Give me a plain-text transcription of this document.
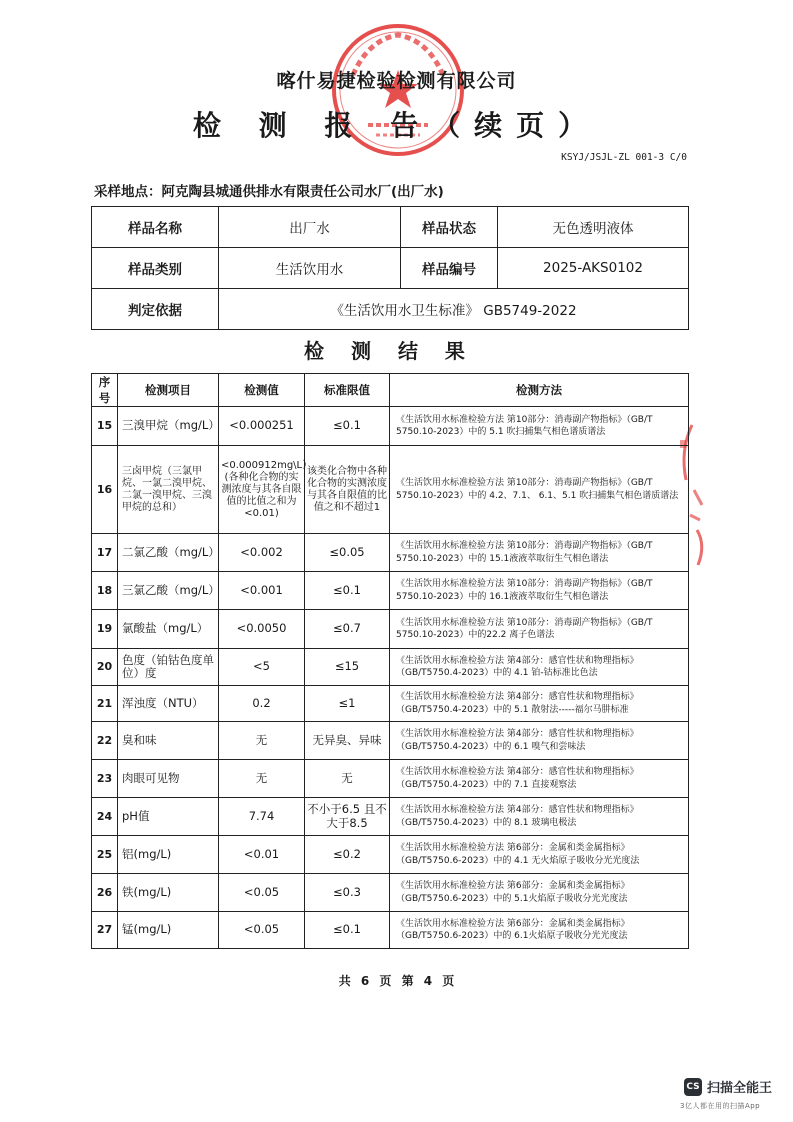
喀什易捷检验检测有限公司
检 测 报 告（续页）
KSYJ/JSJL-ZL 001-3 C/0
采样地点：阿克陶县城通供排水有限责任公司水厂(出厂水)
样品名称	出厂水	样品状态	无色透明液体
样品类别	生活饮用水	样品编号	2025-AKS0102
判定依据	《生活饮用水卫生标准》 GB5749-2022		
检 测 结 果
序号	检测项目	检测值	标准限值	检测方法
15	三溴甲烷（mg/L）	<0.000251	≤0.1	《生活饮用水标准检验方法 第10部分：消毒副产物指标》（GB/T 5750.10-2023）中的 5.1 吹扫捕集气相色谱质谱法
16	三卤甲烷（三氯甲烷、一氯二溴甲烷、二氯一溴甲烷、三溴甲烷的总和）	<0.000912mg\L）(各种化合物的实测浓度与其各自限值的比值之和为<0.01)	该类化合物中各种化合物的实测浓度与其各自限值的比值之和不超过1	《生活饮用水标准检验方法 第10部分：消毒副产物指标》（GB/T 5750.10-2023）中的 4.2、7.1、 6.1、5.1 吹扫捕集气相色谱质谱法
17	二氯乙酸（mg/L）	<0.002	≤0.05	《生活饮用水标准检验方法 第10部分：消毒副产物指标》（GB/T 5750.10-2023）中的 15.1液液萃取衍生气相色谱法
18	三氯乙酸（mg/L）	<0.001	≤0.1	《生活饮用水标准检验方法 第10部分：消毒副产物指标》（GB/T 5750.10-2023）中的 16.1液液萃取衍生气相色谱法
19	氯酸盐（mg/L）	<0.0050	≤0.7	《生活饮用水标准检验方法 第10部分：消毒副产物指标》（GB/T 5750.10-2023）中的22.2 离子色谱法
20	色度（铂钴色度单位）度	<5	≤15	《生活饮用水标准检验方法 第4部分：感官性状和物理指标》（GB/T5750.4-2023）中的 4.1 铂-钴标准比色法
21	浑浊度（NTU）	0.2	≤1	《生活饮用水标准检验方法 第4部分：感官性状和物理指标》（GB/T5750.4-2023）中的 5.1 散射法-----福尔马肼标准
22	臭和味	无	无异臭、异味	《生活饮用水标准检验方法 第4部分：感官性状和物理指标》（GB/T5750.4-2023）中的 6.1 嗅气和尝味法
23	肉眼可见物	无	无	《生活饮用水标准检验方法 第4部分：感官性状和物理指标》（GB/T5750.4-2023）中的 7.1 直接观察法
24	pH值	7.74	不小于6.5 且不大于8.5	《生活饮用水标准检验方法 第4部分：感官性状和物理指标》（GB/T5750.4-2023）中的 8.1 玻璃电极法
25	铝(mg/L)	<0.01	≤0.2	《生活饮用水标准检验方法 第6部分：金属和类金属指标》（GB/T5750.6-2023）中的 4.1 无火焰原子吸收分光光度法
26	铁(mg/L)	<0.05	≤0.3	《生活饮用水标准检验方法 第6部分：金属和类金属指标》（GB/T5750.6-2023）中的 5.1火焰原子吸收分光光度法
27	锰(mg/L)	<0.05	≤0.1	《生活饮用水标准检验方法 第6部分：金属和类金属指标》（GB/T5750.6-2023）中的 6.1火焰原子吸收分光光度法
共 6 页 第 4 页
CS 扫描全能王
3亿人都在用的扫描App
